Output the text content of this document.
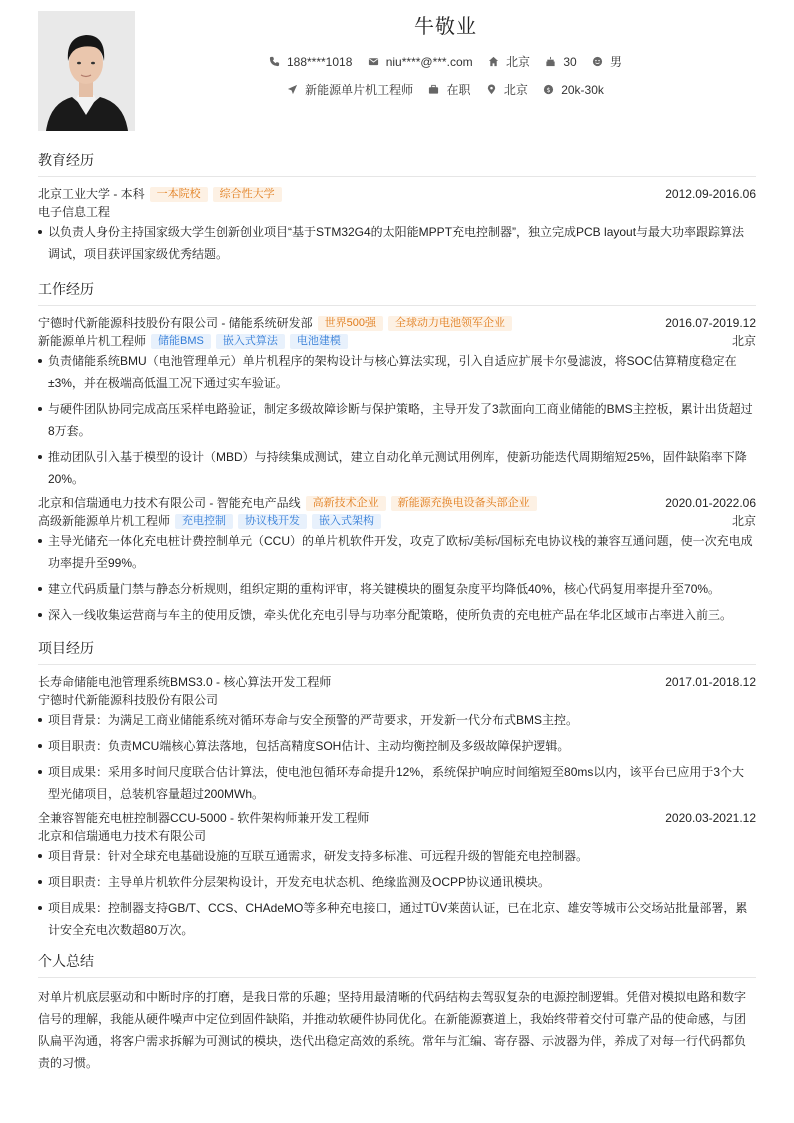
牛敬业
188****1018	niu****@***.com	北京	30	男
新能源单片机工程师	在职	北京	$ 20k-30k
教育经历
北京工业大学 - 本科	一本院校	综合性大学	2012.09-2016.06
电子信息工程
以负责人身份主持国家级大学生创新创业项目“基于STM32G4的太阳能MPPT充电控制器”，独立完成PCB layout与最大功率跟踪算法调试，项目获评国家级优秀结题。
工作经历
宁德时代新能源科技股份有限公司 - 储能系统研发部	世界500强	全球动力电池领军企业	2016.07-2019.12
新能源单片机工程师	储能BMS	嵌入式算法	电池建模	北京
负责储能系统BMU（电池管理单元）单片机程序的架构设计与核心算法实现，引入自适应扩展卡尔曼滤波，将SOC估算精度稳定在±3%，并在极端高低温工况下通过实车验证。
与硬件团队协同完成高压采样电路验证，制定多级故障诊断与保护策略，主导开发了3款面向工商业储能的BMS主控板，累计出货超过8万套。
推动团队引入基于模型的设计（MBD）与持续集成测试，建立自动化单元测试用例库，使新功能迭代周期缩短25%，固件缺陷率下降20%。
北京和信瑞通电力技术有限公司 - 智能充电产品线	高新技术企业	新能源充换电设备头部企业	2020.01-2022.06
高级新能源单片机工程师	充电控制	协议栈开发	嵌入式架构	北京
主导光储充一体化充电桩计费控制单元（CCU）的单片机软件开发，攻克了欧标/美标/国标充电协议栈的兼容互通问题，使一次充电成功率提升至99%。
建立代码质量门禁与静态分析规则，组织定期的重构评审，将关键模块的圈复杂度平均降低40%，核心代码复用率提升至70%。
深入一线收集运营商与车主的使用反馈，牵头优化充电引导与功率分配策略，使所负责的充电桩产品在华北区域市占率进入前三。
项目经历
长寿命储能电池管理系统BMS3.0 - 核心算法开发工程师	2017.01-2018.12
宁德时代新能源科技股份有限公司
项目背景：为满足工商业储能系统对循环寿命与安全预警的严苛要求，开发新一代分布式BMS主控。
项目职责：负责MCU端核心算法落地，包括高精度SOH估计、主动均衡控制及多级故障保护逻辑。
项目成果：采用多时间尺度联合估计算法，使电池包循环寿命提升12%，系统保护响应时间缩短至80ms以内，该平台已应用于3个大型光储项目，总装机容量超过200MWh。
全兼容智能充电桩控制器CCU-5000 - 软件架构师兼开发工程师	2020.03-2021.12
北京和信瑞通电力技术有限公司
项目背景：针对全球充电基础设施的互联互通需求，研发支持多标准、可远程升级的智能充电控制器。
项目职责：主导单片机软件分层架构设计，开发充电状态机、绝缘监测及OCPP协议通讯模块。
项目成果：控制器支持GB/T、CCS、CHAdeMO等多种充电接口，通过TÜV莱茵认证，已在北京、雄安等城市公交场站批量部署，累计安全充电次数超80万次。
个人总结

对单片机底层驱动和中断时序的打磨，是我日常的乐趣；坚持用最清晰的代码结构去驾驭复杂的电源控制逻辑。凭借对模拟电路和数字信号的理解，我能从硬件噪声中定位到固件缺陷，并推动软硬件协同优化。在新能源赛道上，我始终带着交付可靠产品的使命感，与团队扁平沟通，将客户需求拆解为可测试的模块，迭代出稳定高效的系统。常年与汇编、寄存器、示波器为伴，养成了对每一行代码都负责的习惯。
